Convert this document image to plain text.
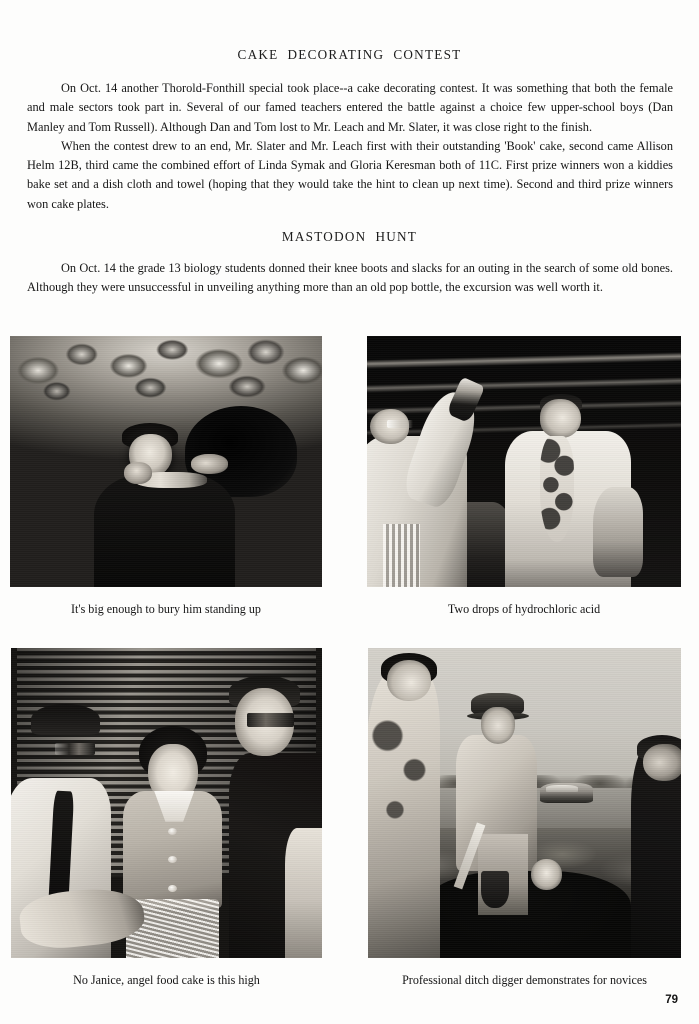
CAKE  DECORATING  CONTEST

On Oct. 14 another Thorold-Fonthill special took place--a cake decorating contest. It was something that both the female and male sectors took part in. Several of our famed teachers entered the battle against a choice few upper-school boys (Dan Manley and Tom Russell). Although Dan and Tom lost to Mr. Leach and Mr. Slater, it was close right to the finish.

When the contest drew to an end, Mr. Slater and Mr. Leach first with their outstanding 'Book' cake, second came Allison Helm 12B, third came the combined effort of Linda Symak and Gloria Keresman both of 11C. First prize winners won a kiddies bake set and a dish cloth and towel (hoping that they would take the hint to clean up next time). Second and third prize winners won cake plates.

MASTODON  HUNT

On Oct. 14 the grade 13 biology students donned their knee boots and slacks for an outing in the search of some old bones. Although they were unsuccessful in unveiling anything more than an old pop bottle, the excursion was well worth it.

It's big enough to bury him standing up	Two drops of hydrochloric acid
No Janice, angel food cake is this high	Professional ditch digger demonstrates for novices
79
